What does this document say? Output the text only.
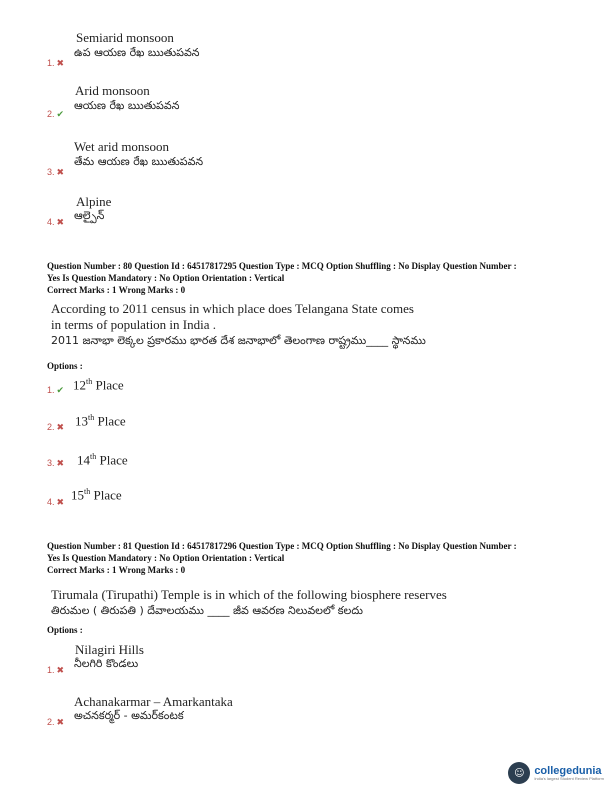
Semiarid monsoon
ఉప ఆయణ రేఖ ఋతుపవన
1. ✖
Arid monsoon
ఆయణ రేఖ ఋతుపవన
2. ✔
Wet arid monsoon
తేమ ఆయణ రేఖ ఋతుపవన
3. ✖
Alpine
ఆల్పైన్
4. ✖
Question Number : 80 Question Id : 64517817295 Question Type : MCQ Option Shuffling : No Display Question Number :
Yes Is Question Mandatory : No Option Orientation : Vertical
Correct Marks : 1 Wrong Marks : 0
According to 2011 census in which place does Telangana State comes
in terms of population in India .
2011 జనాభా లెక్కల ప్రకారము భారత దేశ జనాభాలో తెలంగాణ రాష్ట్రము____ స్థానము
Options :
1. ✔ 12th Place
2. ✖ 13th Place
3. ✖ 14th Place
4. ✖ 15th Place
Question Number : 81 Question Id : 64517817296 Question Type : MCQ Option Shuffling : No Display Question Number :
Yes Is Question Mandatory : No Option Orientation : Vertical
Correct Marks : 1 Wrong Marks : 0
Tirumala (Tirupathi) Temple is in which of the following biosphere reserves
తిరుమల ( తిరుపతి ) దేవాలయము ____ జీవ ఆవరణ నిలువలలో కలదు
Options :
Nilagiri Hills
నీలగిరి కొండలు
1. ✖
Achanakarmar – Amarkantaka
అచనకర్మర్ - అమర్‌కంటక
2. ✖
☺ collegedunia
India's largest Student Review Platform
